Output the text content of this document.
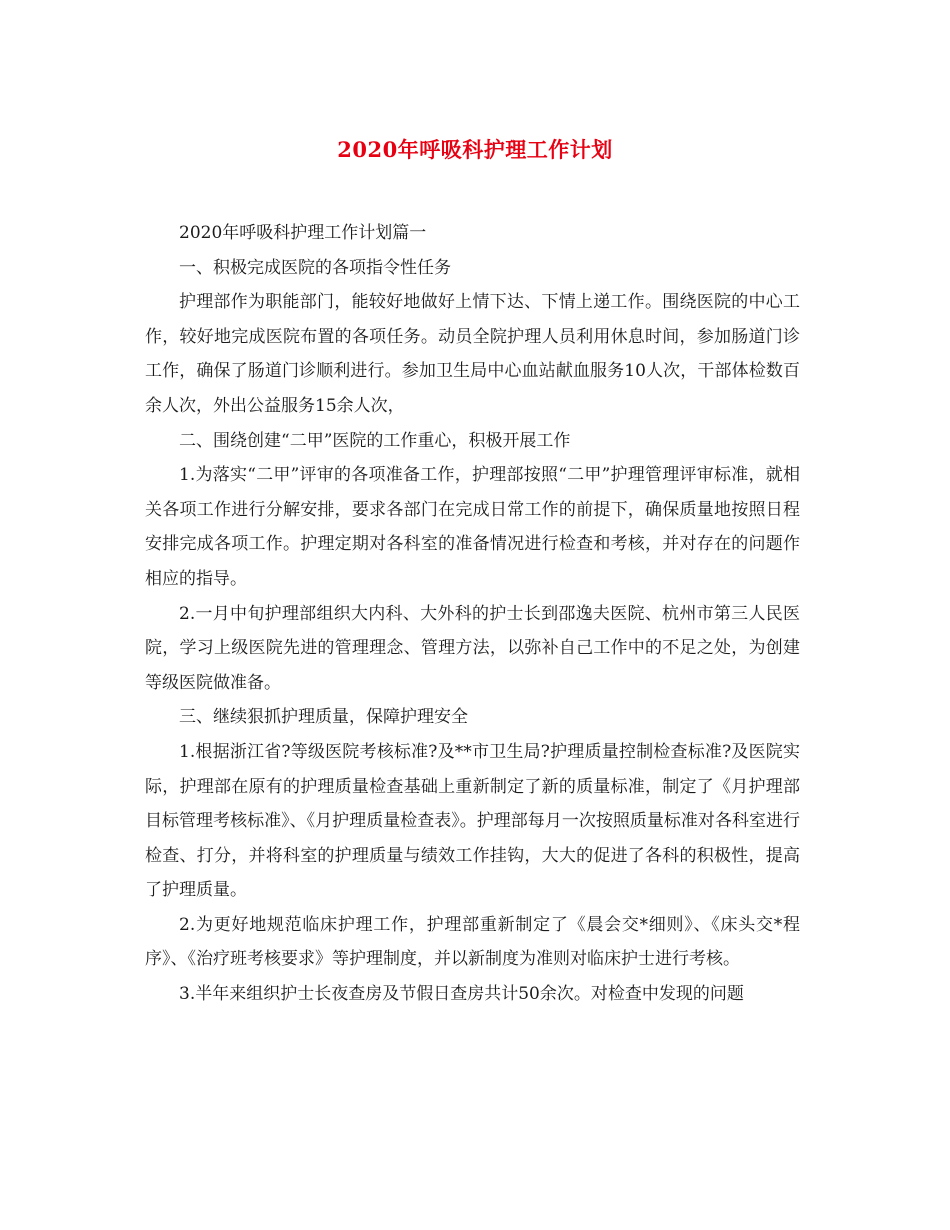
2020年呼吸科护理工作计划

2020年呼吸科护理工作计划篇一

一、积极完成医院的各项指令性任务

护理部作为职能部门，能较好地做好上情下达、下情上递工作。围绕医院的中心工作，较好地完成医院布置的各项任务。动员全院护理人员利用休息时间，参加肠道门诊工作，确保了肠道门诊顺利进行。参加卫生局中心血站献血服务10人次，干部体检数百余人次，外出公益服务15余人次，

二、围绕创建“二甲”医院的工作重心，积极开展工作

1.为落实“二甲”评审的各项准备工作，护理部按照“二甲”护理管理评审标准，就相关各项工作进行分解安排，要求各部门在完成日常工作的前提下，确保质量地按照日程安排完成各项工作。护理定期对各科室的准备情况进行检查和考核，并对存在的问题作相应的指导。

2.一月中旬护理部组织大内科、大外科的护士长到邵逸夫医院、杭州市第三人民医院，学习上级医院先进的管理理念、管理方法，以弥补自己工作中的不足之处，为创建等级医院做准备。

三、继续狠抓护理质量，保障护理安全

1.根据浙江省?等级医院考核标准?及**市卫生局?护理质量控制检查标准?及医院实际，护理部在原有的护理质量检查基础上重新制定了新的质量标准，制定了《月护理部目标管理考核标准》、《月护理质量检查表》。护理部每月一次按照质量标准对各科室进行检查、打分，并将科室的护理质量与绩效工作挂钩，大大的促进了各科的积极性，提高了护理质量。

2.为更好地规范临床护理工作，护理部重新制定了《晨会交*细则》、《床头交*程序》、《治疗班考核要求》等护理制度，并以新制度为准则对临床护士进行考核。

3.半年来组织护士长夜查房及节假日查房共计50余次。对检查中发现的问题
